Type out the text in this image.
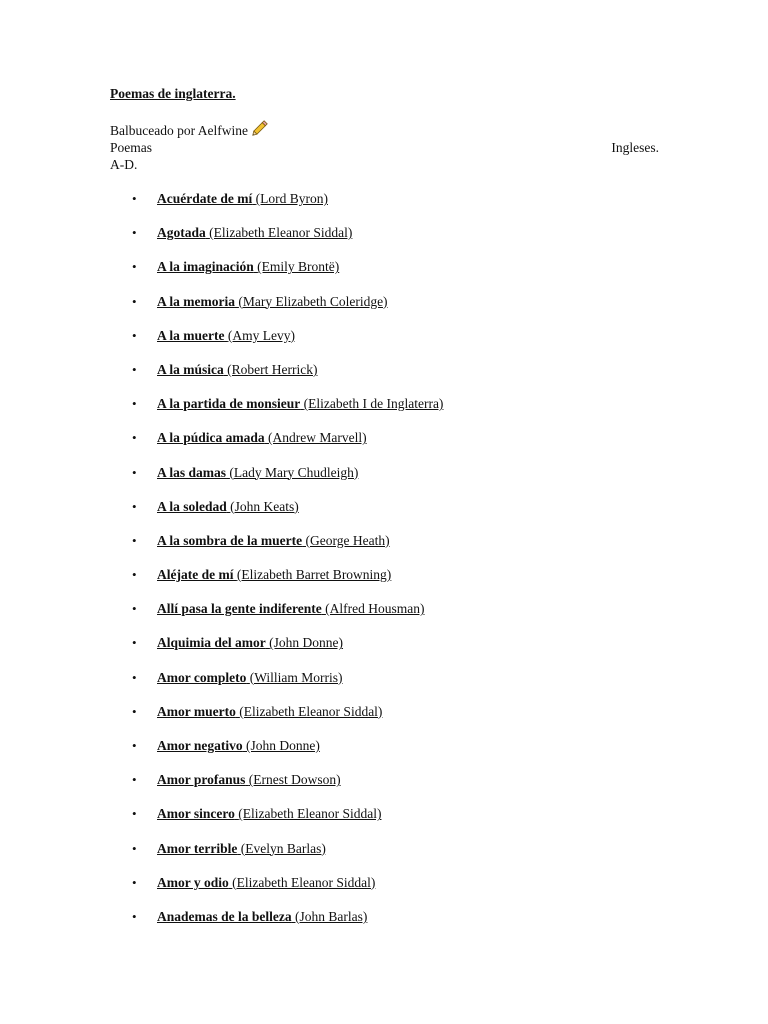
Poemas de inglaterra.
Balbuceado por Aelfwine
Poemas	Ingleses.
A-D.
• Acuérdate de mí (Lord Byron)
• Agotada (Elizabeth Eleanor Siddal)
• A la imaginación (Emily Brontë)
• A la memoria (Mary Elizabeth Coleridge)
• A la muerte (Amy Levy)
• A la música (Robert Herrick)
• A la partida de monsieur (Elizabeth I de Inglaterra)
• A la púdica amada (Andrew Marvell)
• A las damas (Lady Mary Chudleigh)
• A la soledad (John Keats)
• A la sombra de la muerte (George Heath)
• Aléjate de mí (Elizabeth Barret Browning)
• Allí pasa la gente indiferente (Alfred Housman)
• Alquimia del amor (John Donne)
• Amor completo (William Morris)
• Amor muerto (Elizabeth Eleanor Siddal)
• Amor negativo (John Donne)
• Amor profanus (Ernest Dowson)
• Amor sincero (Elizabeth Eleanor Siddal)
• Amor terrible (Evelyn Barlas)
• Amor y odio (Elizabeth Eleanor Siddal)
• Anademas de la belleza (John Barlas)
